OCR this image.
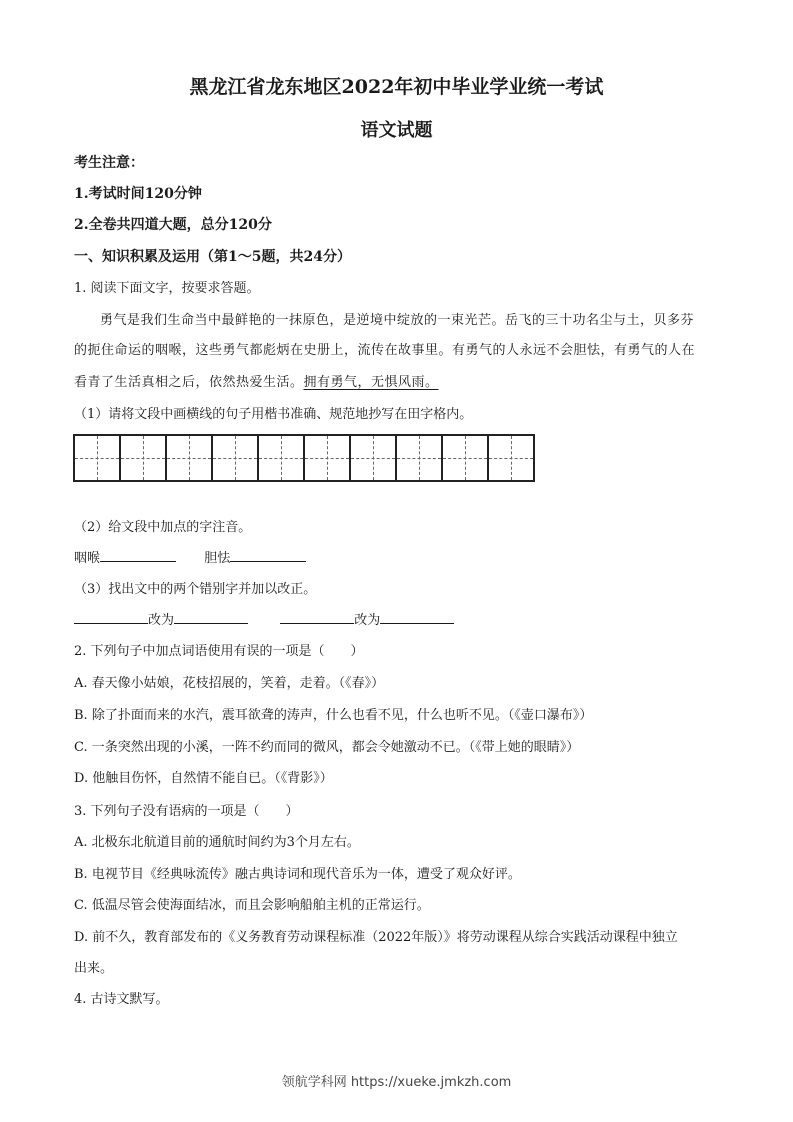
黑龙江省龙东地区2022年初中毕业学业统一考试
语文试题
考生注意：
1.考试时间120分钟
2.全卷共四道大题，总分120分
一、知识积累及运用（第1～5题，共24分）
1. 阅读下面文字，按要求答题。
勇气是我们生命当中最鲜艳的一抹原色，是逆境中绽放的一束光芒。岳飞的三十功名尘与土，贝多芬
的扼住命运的咽喉，这些勇气都彪炳在史册上，流传在故事里。有勇气的人永远不会胆怯，有勇气的人在
看青了生活真相之后，依然热爱生活。拥有勇气，无惧风雨。
（1）请将文段中画横线的句子用楷书准确、规范地抄写在田字格内。
（2）给文段中加点的字注音。
咽喉	胆怯
（3）找出文中的两个错别字并加以改正。
改为	改为
2. 下列句子中加点词语使用有误的一项是（　　）
A. 春天像小姑娘，花枝招展的，笑着，走着。（《春》）
B. 除了扑面而来的水汽，震耳欲聋的涛声，什么也看不见，什么也听不见。（《壶口瀑布》）
C. 一条突然出现的小溪，一阵不约而同的微风，都会令她激动不已。（《带上她的眼睛》）
D. 他触目伤怀，自然情不能自已。（《背影》）
3. 下列句子没有语病的一项是（　　）
A. 北极东北航道目前的通航时间约为3个月左右。
B. 电视节目《经典咏流传》融古典诗词和现代音乐为一体，遭受了观众好评。
C. 低温尽管会使海面结冰，而且会影响船舶主机的正常运行。
D. 前不久，教育部发布的《义务教育劳动课程标准（2022年版）》将劳动课程从综合实践活动课程中独立
出来。
4. 古诗文默写。
领航学科网 https://xueke.jmkzh.com
